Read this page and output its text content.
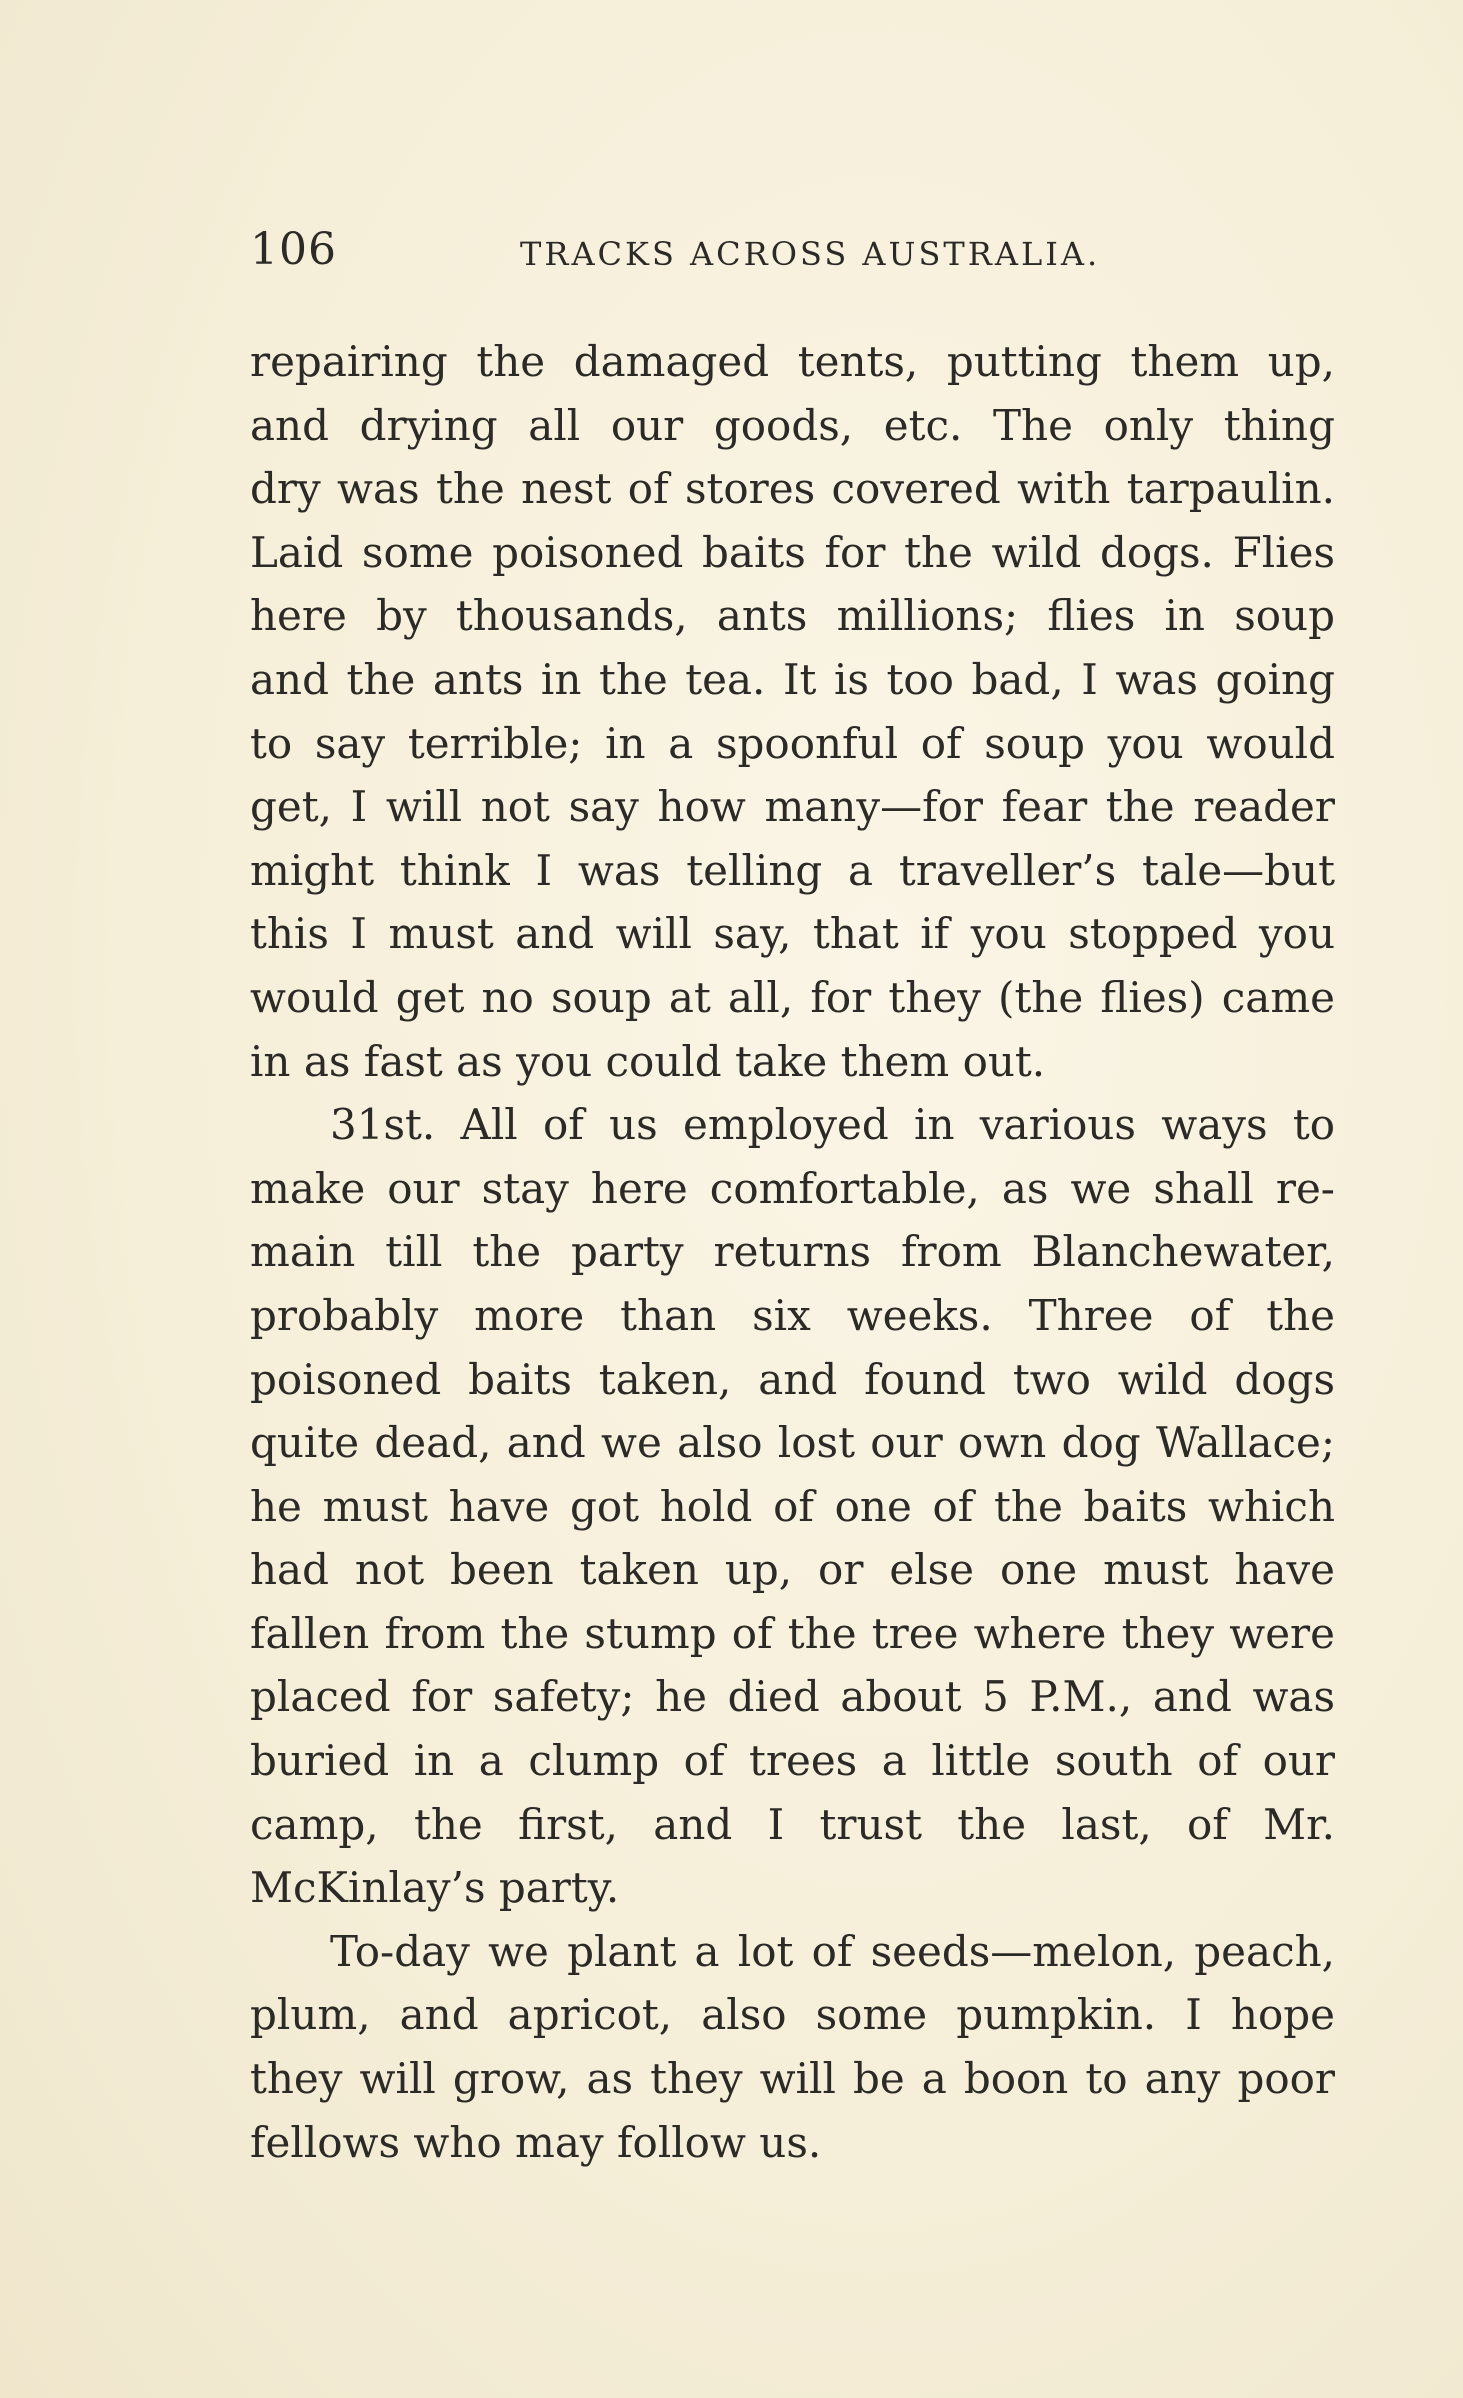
106	TRACKS ACROSS AUSTRALIA.
repairing the damaged tents, putting them up,
and drying all our goods, etc. The only thing
dry was the nest of stores covered with tarpaulin.
Laid some poisoned baits for the wild dogs. Flies
here by thousands, ants millions; flies in soup
and the ants in the tea. It is too bad, I was going
to say terrible; in a spoonful of soup you would
get, I will not say how many—for fear the reader
might think I was telling a traveller’s tale—but
this I must and will say, that if you stopped you
would get no soup at all, for they (the flies) came
in as fast as you could take them out.
31st. All of us employed in various ways to
make our stay here comfortable, as we shall re-
main till the party returns from Blanchewater,
probably more than six weeks. Three of the
poisoned baits taken, and found two wild dogs
quite dead, and we also lost our own dog Wallace;
he must have got hold of one of the baits which
had not been taken up, or else one must have
fallen from the stump of the tree where they were
placed for safety; he died about 5 P.M., and was
buried in a clump of trees a little south of our
camp, the first, and I trust the last, of Mr.
McKinlay’s party.
To-day we plant a lot of seeds—melon, peach,
plum, and apricot, also some pumpkin. I hope
they will grow, as they will be a boon to any poor
fellows who may follow us.
